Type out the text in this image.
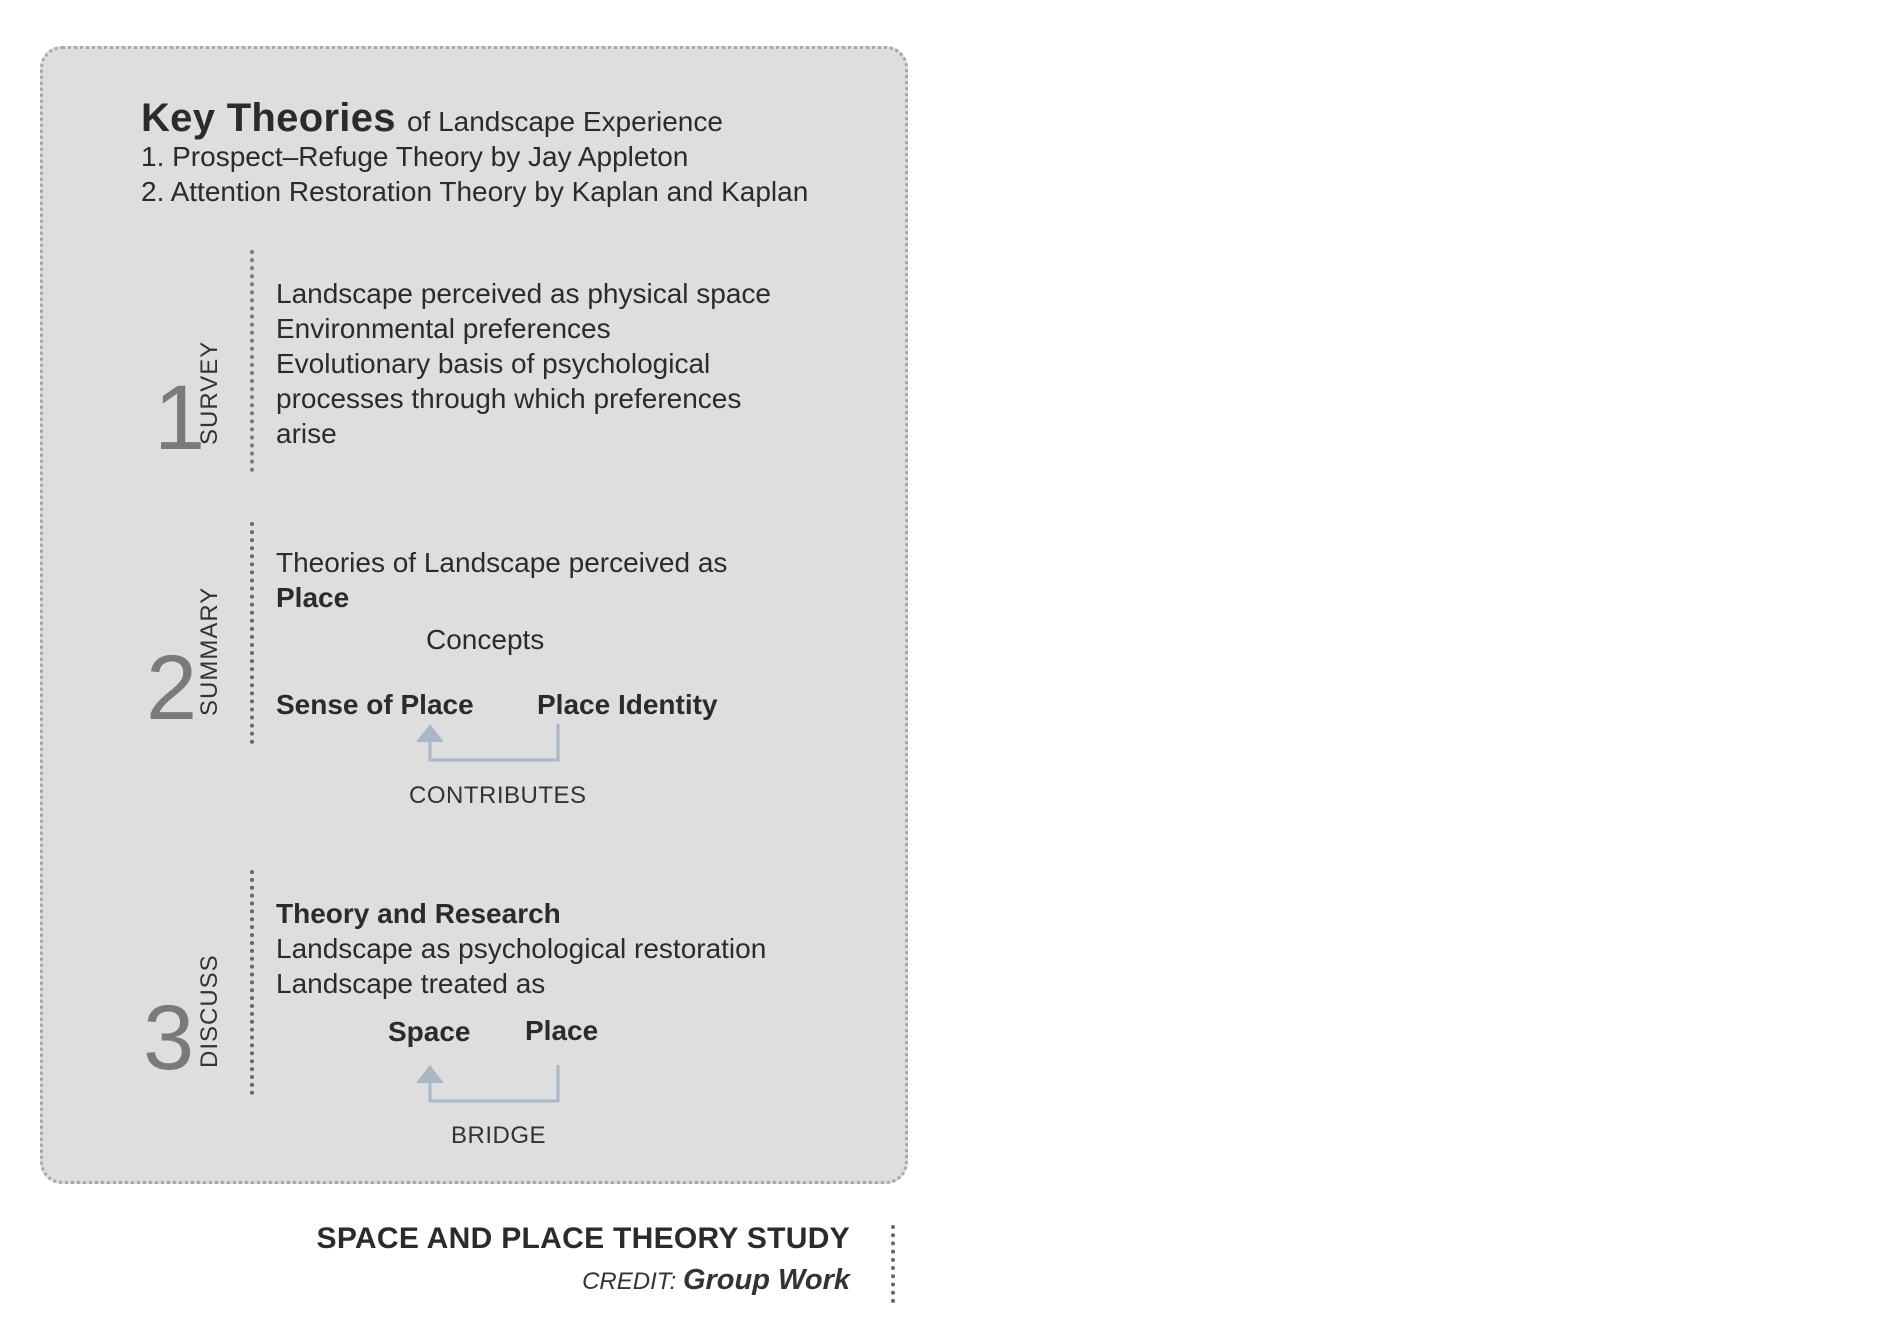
Key Theories of Landscape Experience
1. Prospect–Refuge Theory by Jay Appleton
2. Attention Restoration Theory by Kaplan and Kaplan
1
SURVEY
Landscape perceived as physical space
Environmental preferences
Evolutionary basis of psychological
processes through which preferences
arise
2
SUMMARY
Theories of Landscape perceived as
Place
Concepts
Sense of Place Place Identity
CONTRIBUTES
3 DISCUSS
Theory and Research
Landscape as psychological restoration
Landscape treated as
Space Place
BRIDGE
SPACE AND PLACE THEORY STUDY
CREDIT: Group Work
